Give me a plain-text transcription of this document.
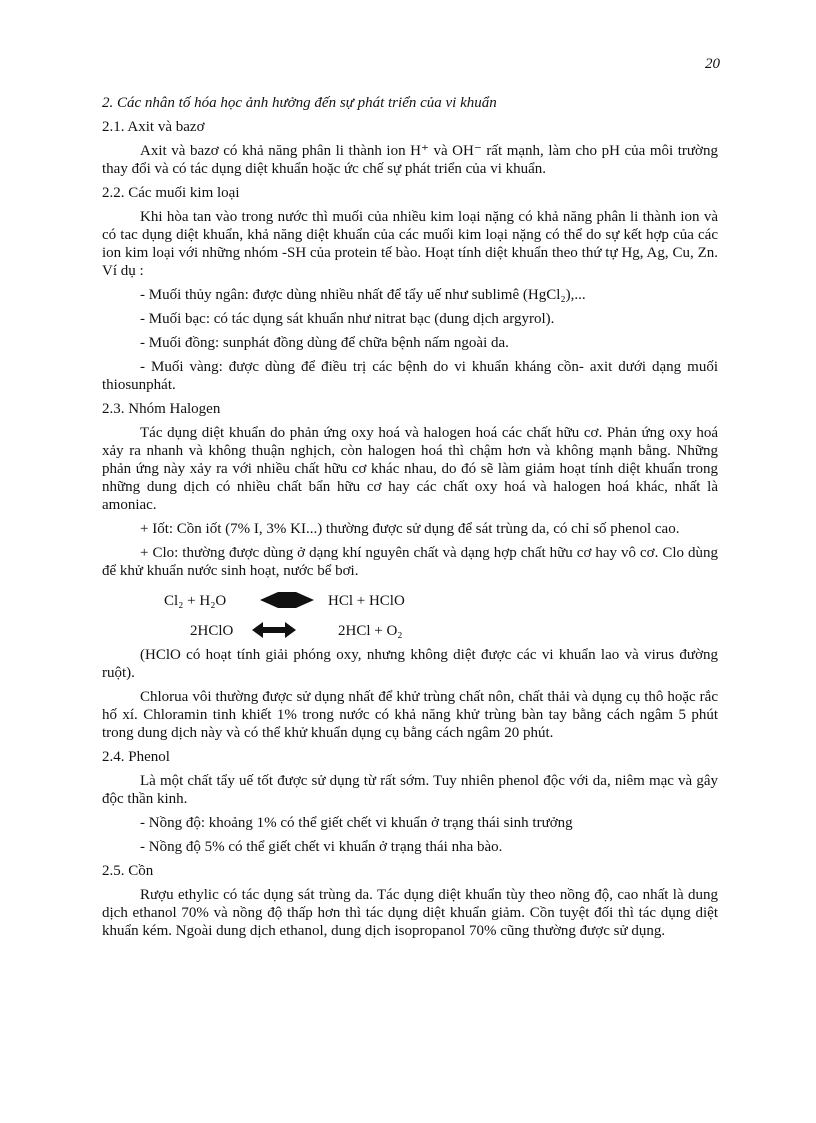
20
2. Các nhân tố hóa học ảnh hưởng đến sự phát triển của vi khuẩn
2.1. Axit và bazơ

Axit và bazơ có khả năng phân li thành ion H⁺ và OH⁻ rất mạnh, làm cho pH của môi trường thay đổi và có tác dụng diệt khuẩn hoặc ức chế sự phát triển của vi khuẩn.

2.2. Các muối kim loại

Khi hòa tan vào trong nước thì muối của nhiều kim loại nặng có khả năng phân li thành ion và có tac dụng diệt khuẩn, khả năng diệt khuẩn của các muối kim loại nặng có thể do sự kết hợp của các ion kim loại với những nhóm -SH của protein tế bào. Hoạt tính diệt khuẩn theo thứ tự Hg, Ag, Cu, Zn. Ví dụ :

- Muối thủy ngân: được dùng nhiều nhất để tẩy uế như sublimê (HgCl₂),...

- Muối bạc: có tác dụng sát khuẩn như nitrat bạc (dung dịch argyrol).

- Muối đồng: sunphát đồng dùng để chữa bệnh nấm ngoài da.

- Muối vàng: được dùng để điều trị các bệnh do vi khuẩn kháng cồn- axit dưới dạng muối thiosunphát.

2.3. Nhóm Halogen

Tác dụng diệt khuẩn do phản ứng oxy hoá và halogen hoá các chất hữu cơ. Phản ứng oxy hoá xảy ra nhanh và không thuận nghịch, còn halogen hoá thì chậm hơn và không mạnh bằng. Những phản ứng này xảy ra với nhiều chất hữu cơ khác nhau, do đó sẽ làm giảm hoạt tính diệt khuẩn trong những dung dịch có nhiều chất bẩn hữu cơ hay các chất oxy hoá và halogen hoá khác, nhất là amoniac.

+ Iốt: Cồn iốt (7% I, 3% KI...) thường được sử dụng để sát trùng da, có chỉ số phenol cao.

+ Clo: thường được dùng ở dạng khí nguyên chất và dạng hợp chất hữu cơ hay vô cơ. Clo dùng để khử khuẩn nước sinh hoạt, nước bể bơi.

Cl₂ + H₂O	HCl + HClO
2HClO	2HCl + O₂

(HClO có hoạt tính giải phóng oxy, nhưng không diệt được các vi khuẩn lao và virus đường ruột).

Chlorua vôi thường được sử dụng nhất để khử trùng chất nôn, chất thải và dụng cụ thô hoặc rắc hố xí. Chloramin tinh khiết 1% trong nước có khả năng khử trùng bàn tay bằng cách ngâm 5 phút trong dung dịch này và có thể khử khuẩn dụng cụ bằng cách ngâm 20 phút.

2.4. Phenol

Là một chất tẩy uế tốt được sử dụng từ rất sớm. Tuy nhiên phenol độc với da, niêm mạc và gây độc thần kinh.

- Nồng độ: khoảng 1% có thể giết chết vi khuẩn ở trạng thái sinh trưởng

- Nồng độ 5% có thể giết chết vi khuẩn ở trạng thái nha bào.

2.5. Cồn

Rượu ethylic có tác dụng sát trùng da. Tác dụng diệt khuẩn tùy theo nồng độ, cao nhất là dung dịch ethanol 70% và nồng độ thấp hơn thì tác dụng diệt khuẩn giảm. Cồn tuyệt đối thì tác dụng diệt khuẩn kém. Ngoài dung dịch ethanol, dung dịch isopropanol 70% cũng thường được sử dụng.
